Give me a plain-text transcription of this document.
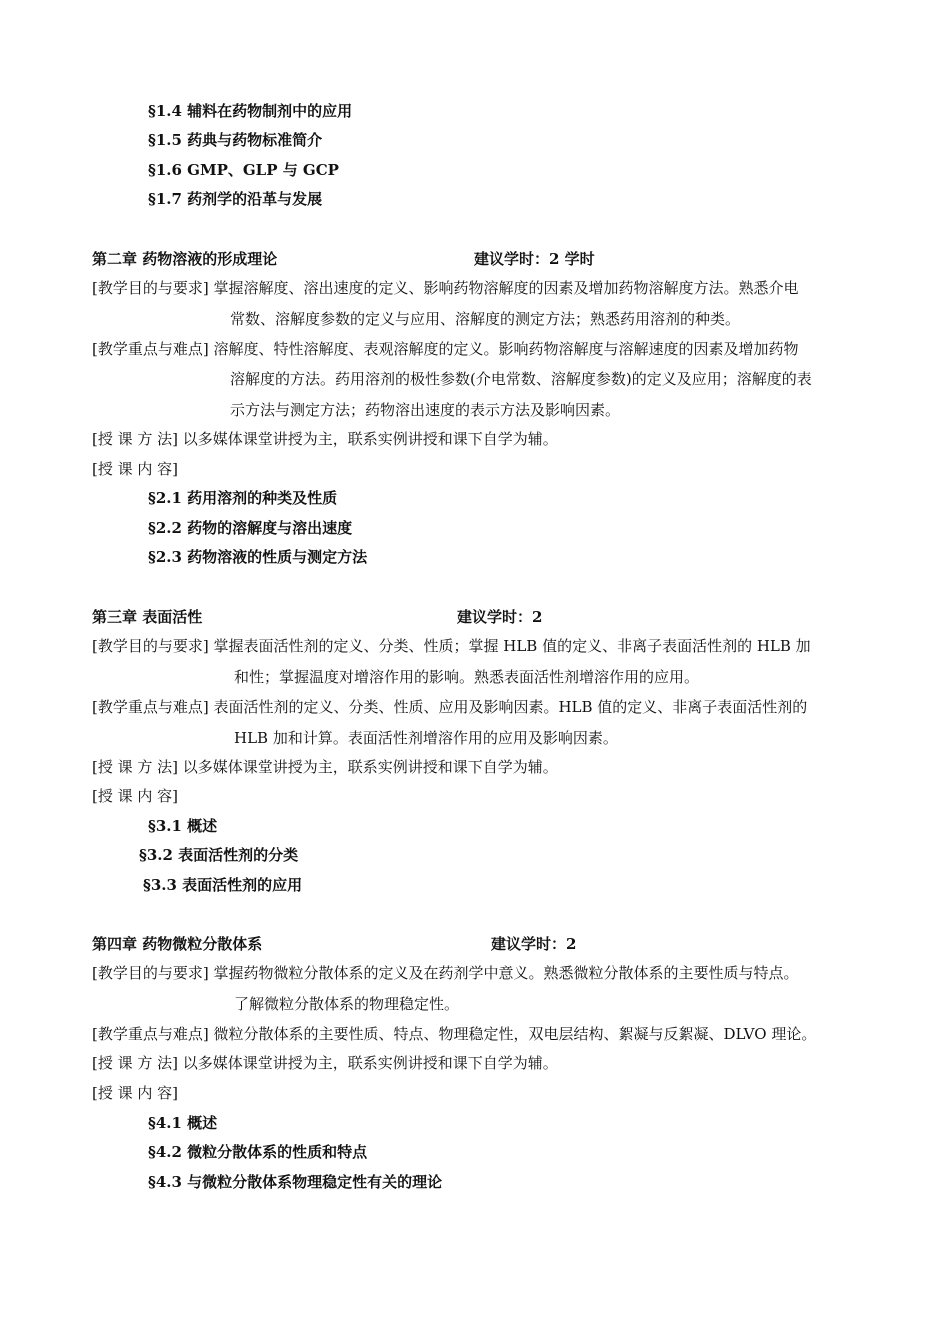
§1.4 辅料在药物制剂中的应用
§1.5 药典与药物标准简介
§1.6 GMP、GLP 与 GCP
§1.7 药剂学的沿革与发展
第二章 药物溶液的形成理论	建议学时：2 学时
[教学目的与要求] 掌握溶解度、溶出速度的定义、影响药物溶解度的因素及增加药物溶解度方法。熟悉介电
常数、溶解度参数的定义与应用、溶解度的测定方法；熟悉药用溶剂的种类。
[教学重点与难点] 溶解度、特性溶解度、表观溶解度的定义。影响药物溶解度与溶解速度的因素及增加药物
溶解度的方法。药用溶剂的极性参数(介电常数、溶解度参数)的定义及应用；溶解度的表
示方法与测定方法；药物溶出速度的表示方法及影响因素。
[授 课 方 法] 以多媒体课堂讲授为主，联系实例讲授和课下自学为辅。
[授 课 内 容]
§2.1 药用溶剂的种类及性质
§2.2 药物的溶解度与溶出速度
§2.3 药物溶液的性质与测定方法
第三章 表面活性	建议学时：2
[教学目的与要求] 掌握表面活性剂的定义、分类、性质；掌握 HLB 值的定义、非离子表面活性剂的 HLB 加
和性；掌握温度对增溶作用的影响。熟悉表面活性剂增溶作用的应用。
[教学重点与难点] 表面活性剂的定义、分类、性质、应用及影响因素。HLB 值的定义、非离子表面活性剂的
HLB 加和计算。表面活性剂增溶作用的应用及影响因素。
[授 课 方 法] 以多媒体课堂讲授为主，联系实例讲授和课下自学为辅。
[授 课 内 容]
§3.1 概述
§3.2 表面活性剂的分类
§3.3 表面活性剂的应用
第四章 药物微粒分散体系	建议学时：2
[教学目的与要求] 掌握药物微粒分散体系的定义及在药剂学中意义。熟悉微粒分散体系的主要性质与特点。
了解微粒分散体系的物理稳定性。
[教学重点与难点] 微粒分散体系的主要性质、特点、物理稳定性，双电层结构、絮凝与反絮凝、DLVO 理论。
[授 课 方 法] 以多媒体课堂讲授为主，联系实例讲授和课下自学为辅。
[授 课 内 容]
§4.1 概述
§4.2 微粒分散体系的性质和特点
§4.3 与微粒分散体系物理稳定性有关的理论
